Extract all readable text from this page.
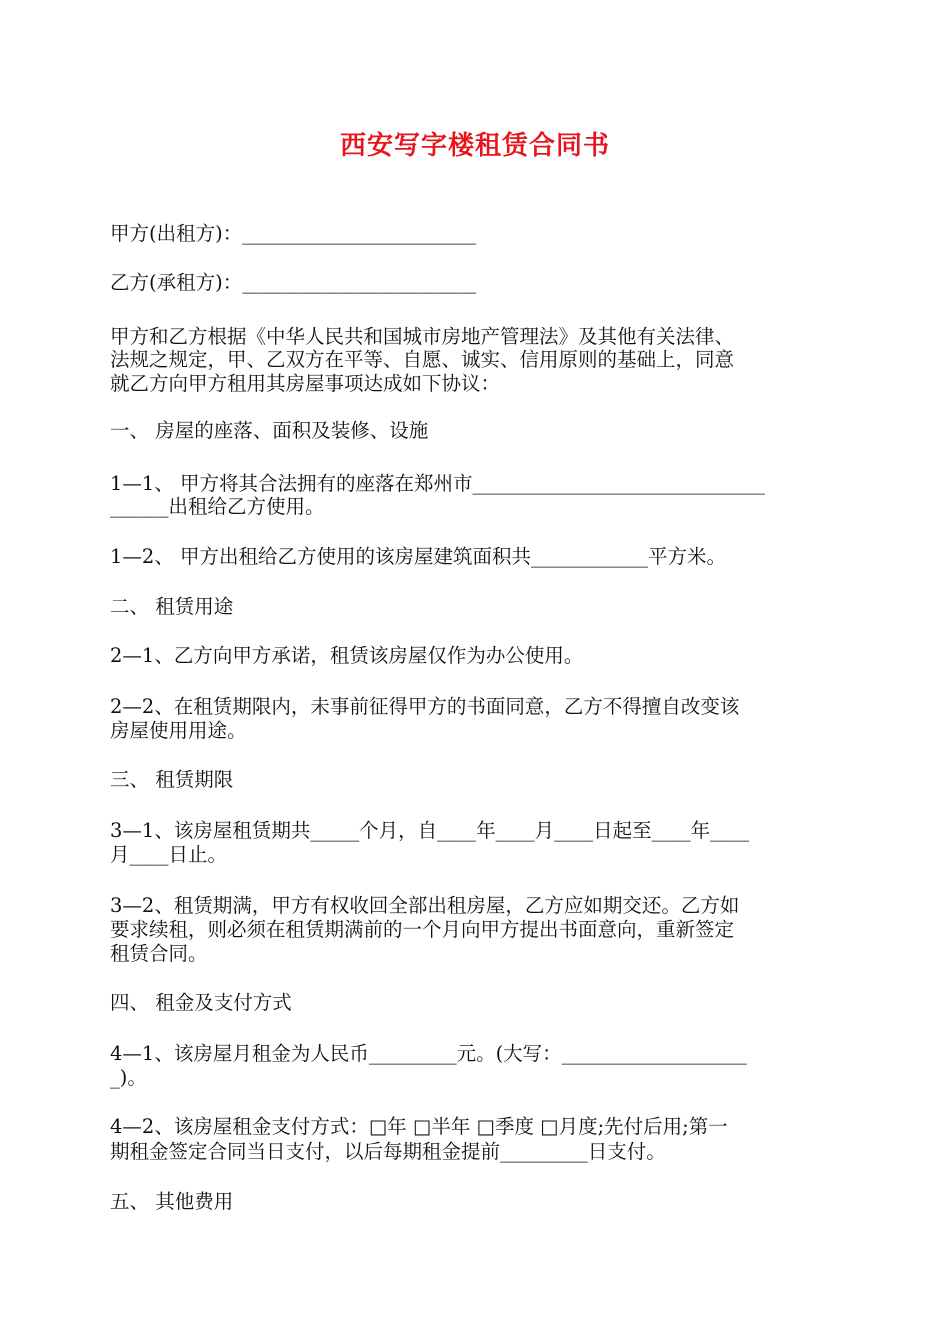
西安写字楼租赁合同书
甲方(出租方)：________________________
乙方(承租方)：________________________
甲方和乙方根据《中华人民共和国城市房地产管理法》及其他有关法律、
法规之规定，甲、乙双方在平等、自愿、诚实、信用原则的基础上，同意
就乙方向甲方租用其房屋事项达成如下协议：
一、 房屋的座落、面积及装修、设施
1—1、 甲方将其合法拥有的座落在郑州市______________________________
______出租给乙方使用。
1—2、 甲方出租给乙方使用的该房屋建筑面积共____________平方米。
二、 租赁用途
2—1、乙方向甲方承诺，租赁该房屋仅作为办公使用。
2—2、在租赁期限内，未事前征得甲方的书面同意，乙方不得擅自改变该
房屋使用用途。
三、 租赁期限
3—1、该房屋租赁期共_____个月，自____年____月____日起至____年____
月____日止。
3—2、租赁期满，甲方有权收回全部出租房屋，乙方应如期交还。乙方如
要求续租，则必须在租赁期满前的一个月向甲方提出书面意向，重新签定
租赁合同。
四、 租金及支付方式
4—1、该房屋月租金为人民币_________元。(大写：___________________
_)。
4—2、该房屋租金支付方式：□年 □半年 □季度 □月度;先付后用;第一
期租金签定合同当日支付，以后每期租金提前_________日支付。
五、 其他费用
